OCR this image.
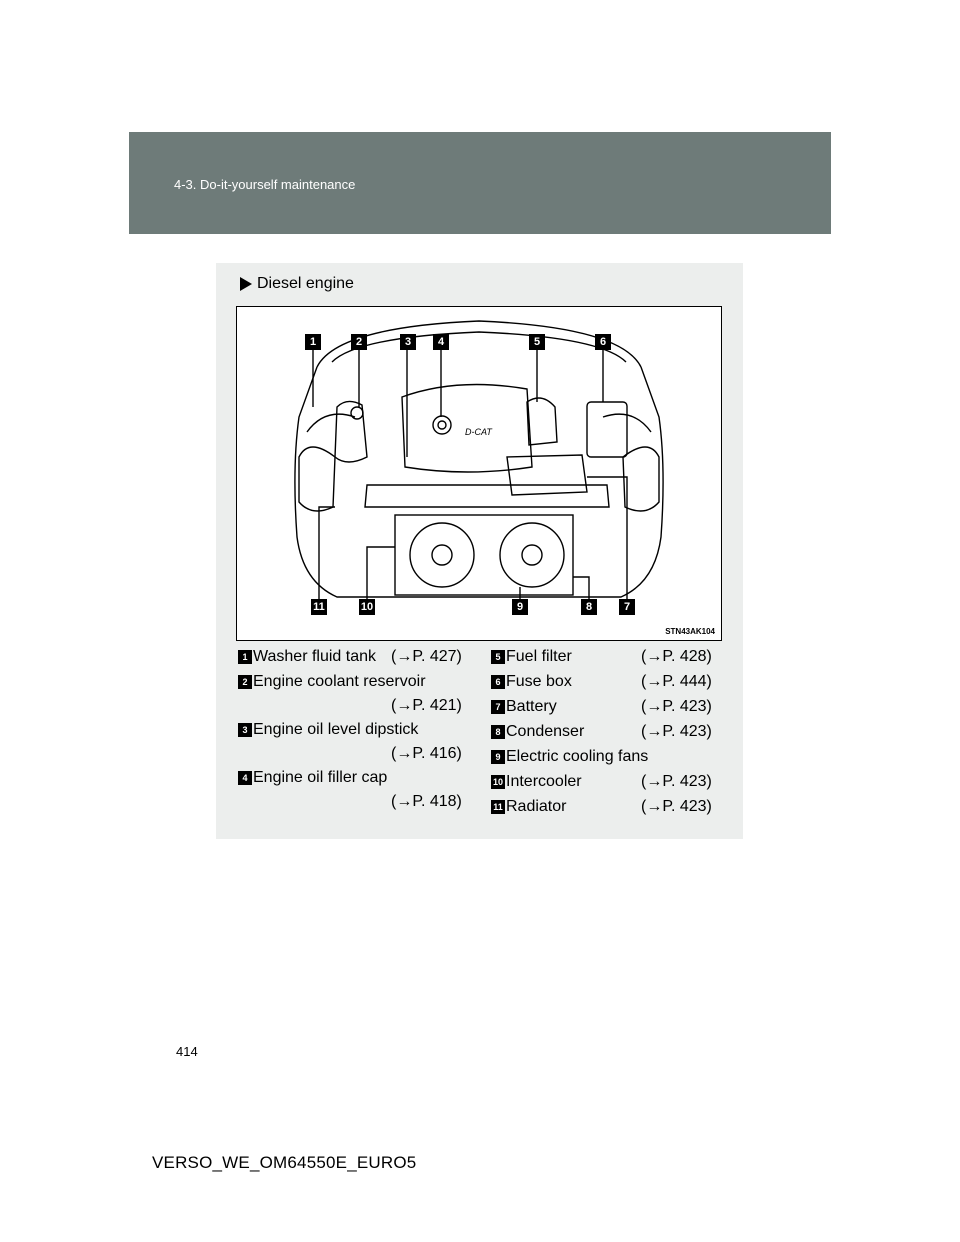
4-3. Do-it-yourself maintenance
Diesel engine
D-CAT
1	2	3	4	5	6
11	10	9	8	7
STN43AK104
1 Washer fluid tank (→P. 427)
2 Engine coolant reservoir
(→P. 421)
3 Engine oil level dipstick
(→P. 416)
4 Engine oil filler cap
(→P. 418)
5 Fuel filter	(→P. 428)
6 Fuse box	(→P. 444)
7 Battery	(→P. 423)
8 Condenser	(→P. 423)
9 Electric cooling fans
10 Intercooler	(→P. 423)
11 Radiator	(→P. 423)
414
VERSO_WE_OM64550E_EURO5
